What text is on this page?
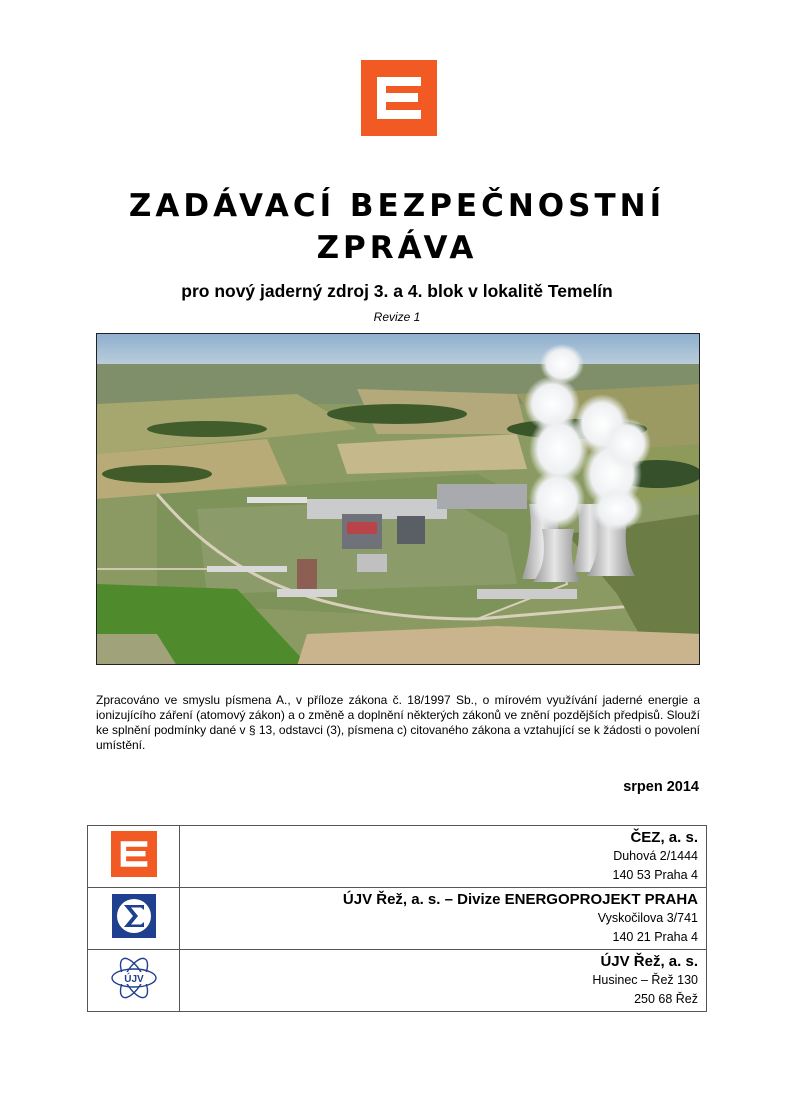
ZADÁVACÍ BEZPEČNOSTNÍ
ZPRÁVA
pro nový jaderný zdroj 3. a 4. blok v lokalitě Temelín
Revize 1
Zpracováno ve smyslu písmena A., v příloze zákona č. 18/1997 Sb., o mírovém využívání jaderné energie a ionizujícího záření (atomový zákon) a o změně a doplnění některých zákonů ve znění pozdějších předpisů. Slouží ke splnění podmínky dané v § 13, odstavci (3), písmena c) citovaného zákona a vztahující se k žádosti o povolení umístění.
srpen 2014

ČEZ, a. s.
Duhová 2/1444
140 53 Praha 4

ÚJV Řež, a. s. – Divize ENERGOPROJEKT PRAHA
Vyskočilova 3/741
140 21 Praha 4

ÚJV	ÚJV Řež, a. s.
Husinec – Řež 130
250 68 Řež
